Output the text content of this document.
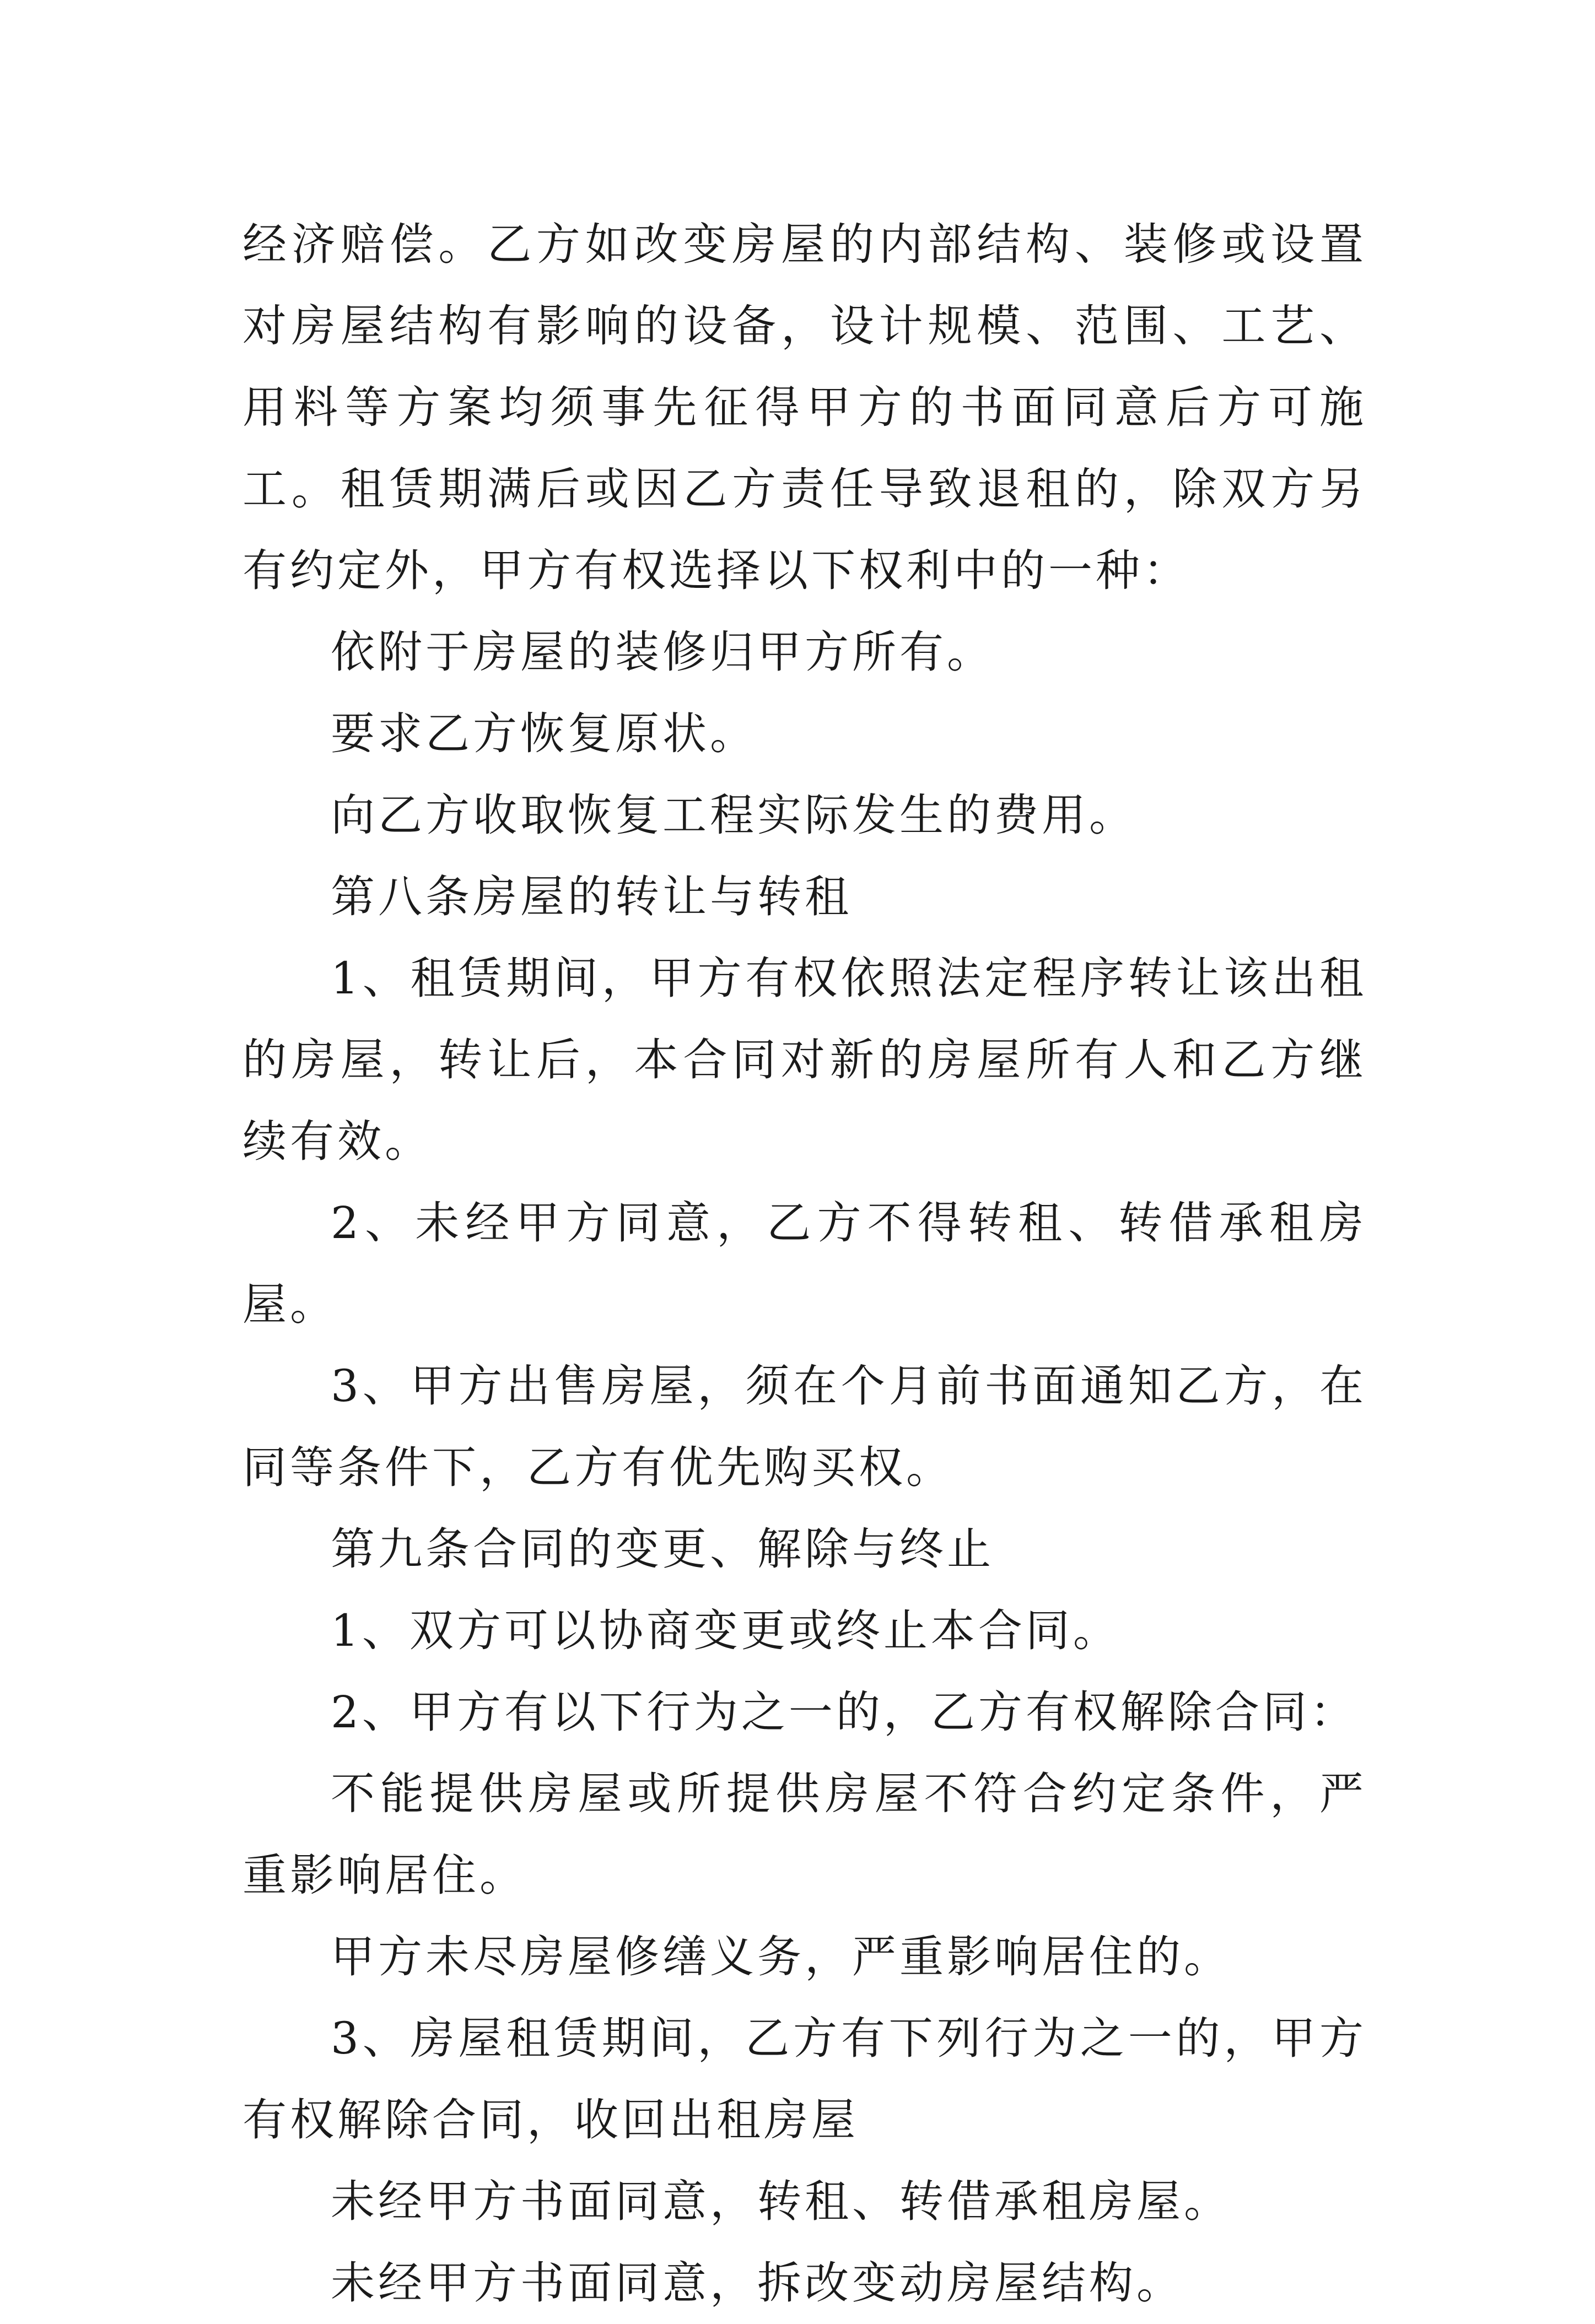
经济赔偿。乙方如改变房屋的内部结构、装修或设置对房屋结构有影响的设备，设计规模、范围、工艺、用料等方案均须事先征得甲方的书面同意后方可施工。租赁期满后或因乙方责任导致退租的，除双方另有约定外，甲方有权选择以下权利中的一种：

依附于房屋的装修归甲方所有。

要求乙方恢复原状。

向乙方收取恢复工程实际发生的费用。

第八条房屋的转让与转租

1、租赁期间，甲方有权依照法定程序转让该出租的房屋，转让后，本合同对新的房屋所有人和乙方继续有效。

2、未经甲方同意，乙方不得转租、转借承租房屋。

3、甲方出售房屋，须在个月前书面通知乙方，在同等条件下，乙方有优先购买权。

第九条合同的变更、解除与终止

1、双方可以协商变更或终止本合同。

2、甲方有以下行为之一的，乙方有权解除合同：

不能提供房屋或所提供房屋不符合约定条件，严重影响居住。

甲方未尽房屋修缮义务，严重影响居住的。

3、房屋租赁期间，乙方有下列行为之一的，甲方有权解除合同，收回出租房屋

未经甲方书面同意，转租、转借承租房屋。

未经甲方书面同意，拆改变动房屋结构。
